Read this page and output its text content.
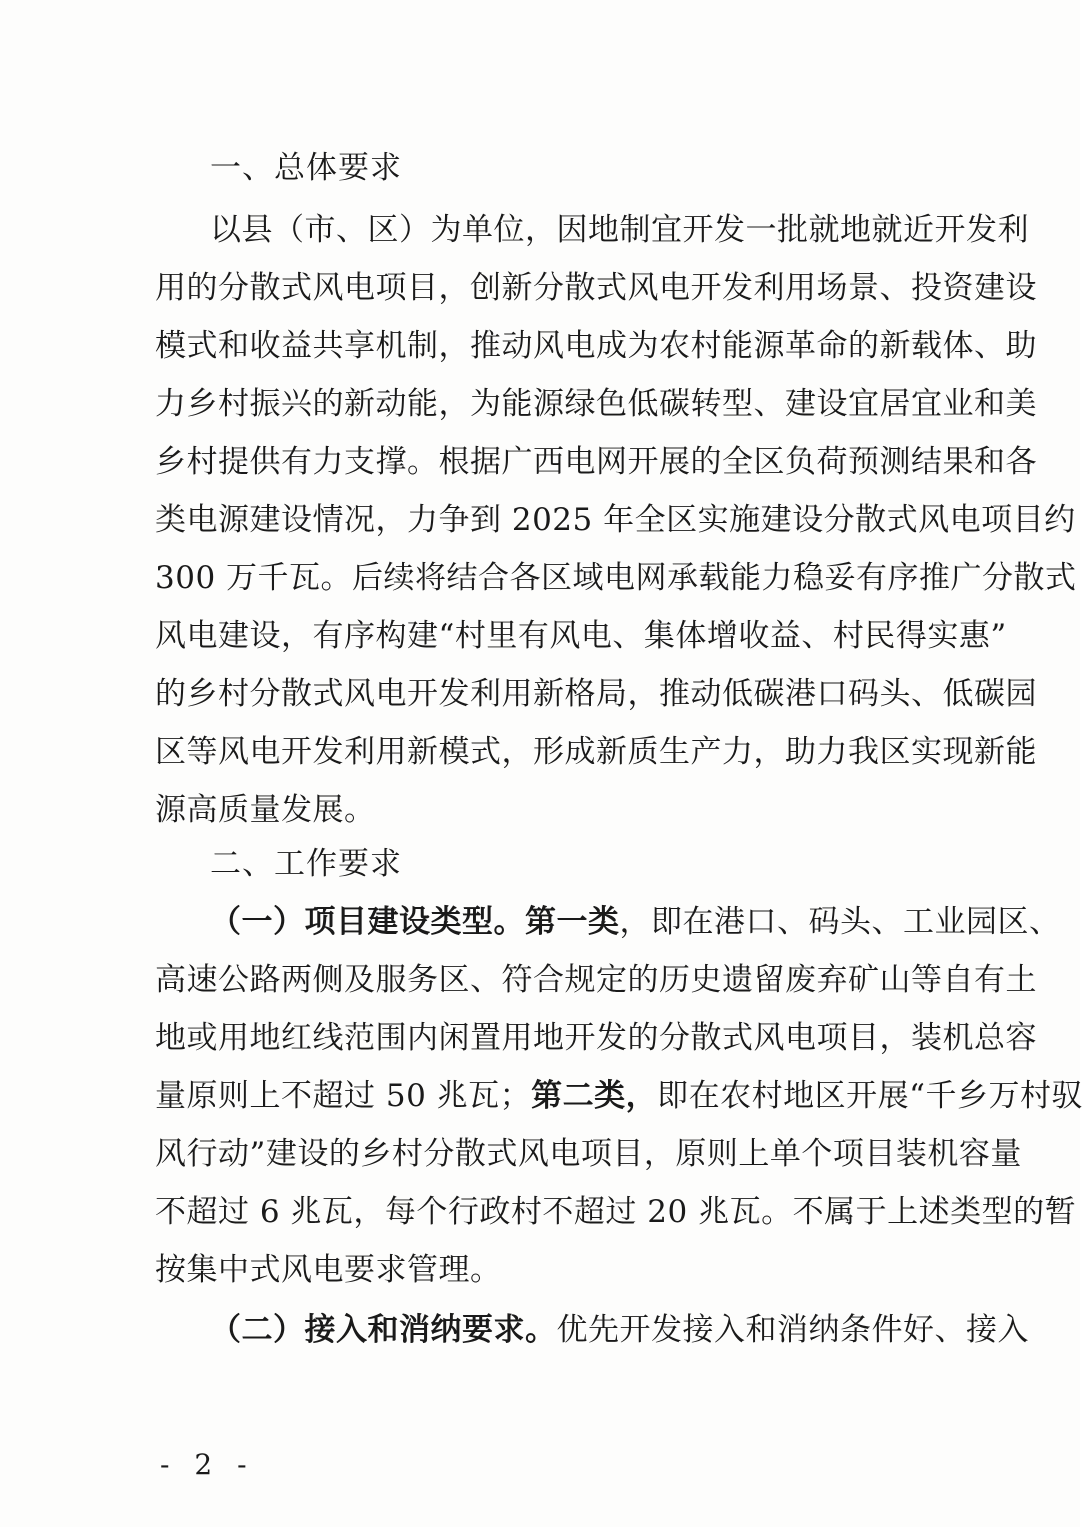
一、总体要求
以县（市、区）为单位，因地制宜开发一批就地就近开发利
用的分散式风电项目，创新分散式风电开发利用场景、投资建设
模式和收益共享机制，推动风电成为农村能源革命的新载体、助
力乡村振兴的新动能，为能源绿色低碳转型、建设宜居宜业和美
乡村提供有力支撑。根据广西电网开展的全区负荷预测结果和各
类电源建设情况，力争到 2025 年全区实施建设分散式风电项目约
300 万千瓦。后续将结合各区域电网承载能力稳妥有序推广分散式
风电建设，有序构建“村里有风电、集体增收益、村民得实惠”
的乡村分散式风电开发利用新格局，推动低碳港口码头、低碳园
区等风电开发利用新模式，形成新质生产力，助力我区实现新能
源高质量发展。
二、工作要求
（一）项目建设类型。第一类，即在港口、码头、工业园区、
高速公路两侧及服务区、符合规定的历史遗留废弃矿山等自有土
地或用地红线范围内闲置用地开发的分散式风电项目，装机总容
量原则上不超过 50 兆瓦；第二类，即在农村地区开展“千乡万村驭
风行动”建设的乡村分散式风电项目，原则上单个项目装机容量
不超过 6 兆瓦，每个行政村不超过 20 兆瓦。不属于上述类型的暂
按集中式风电要求管理。
（二）接入和消纳要求。优先开发接入和消纳条件好、接入
- 2 -
